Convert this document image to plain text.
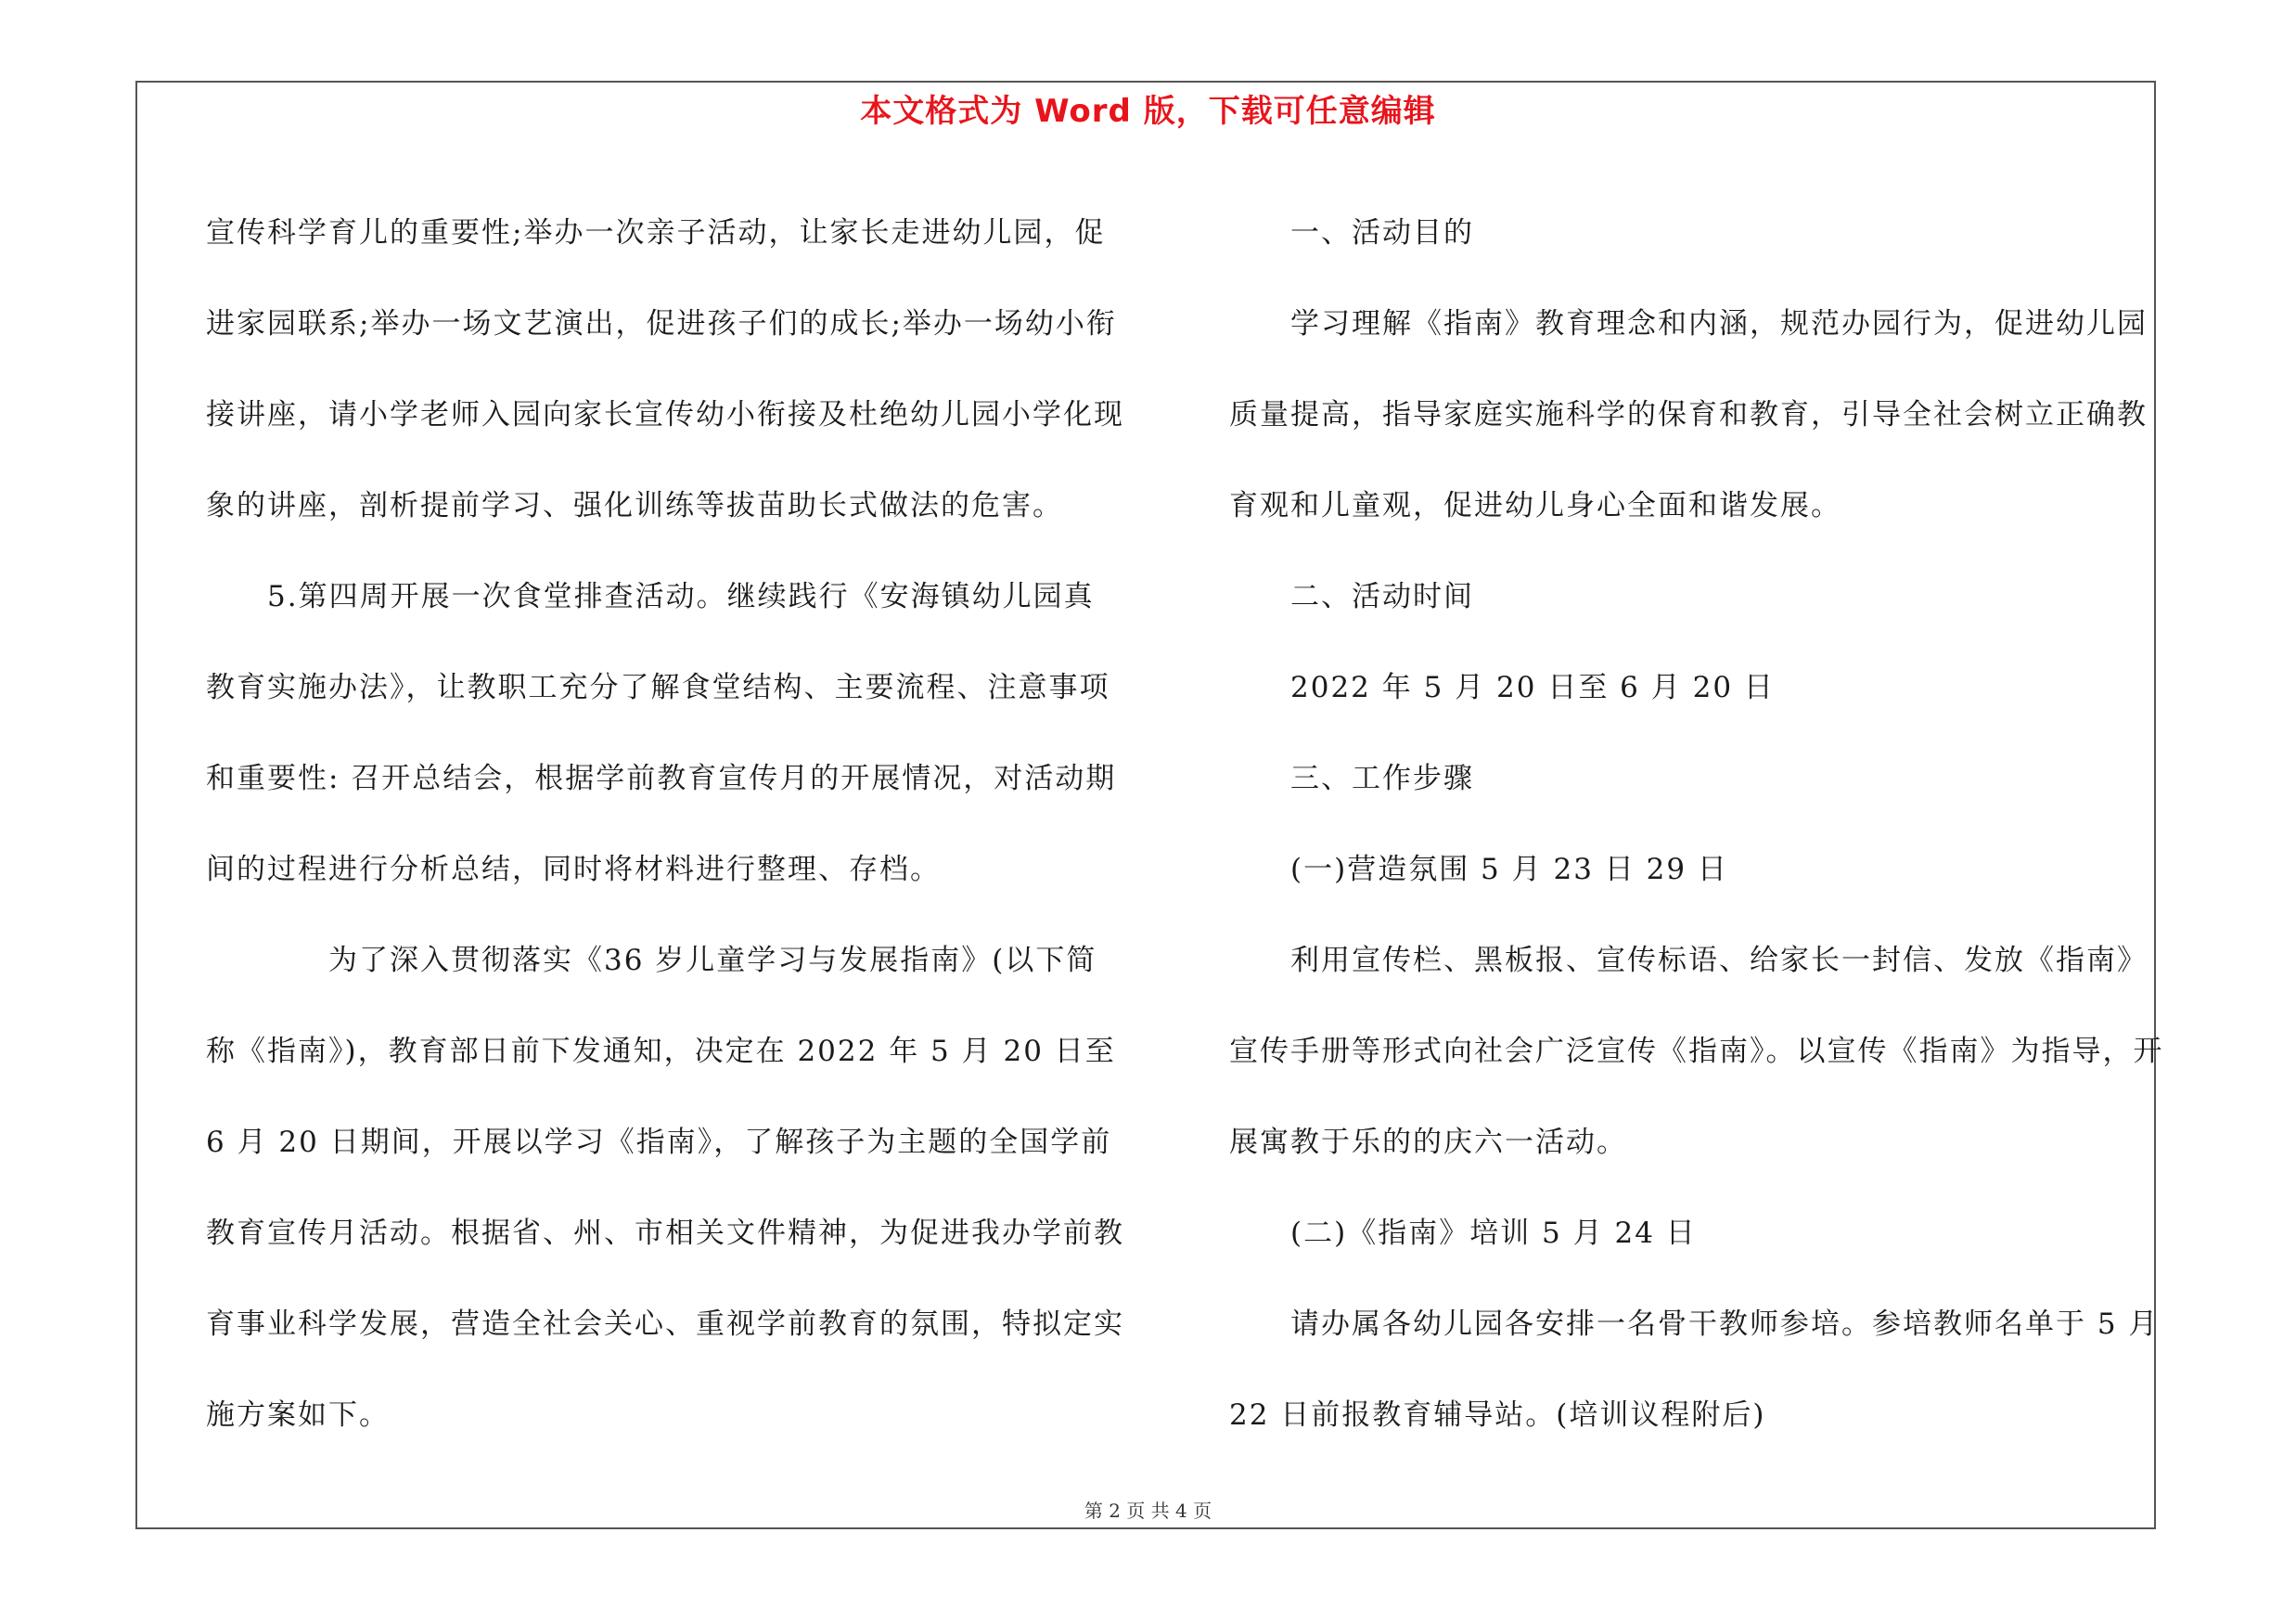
本文格式为 Word 版，下载可任意编辑

宣传科学育儿的重要性;举办一次亲子活动，让家长走进幼儿园，促进家园联系;举办一场文艺演出，促进孩子们的成长;举办一场幼小衔接讲座，请小学老师入园向家长宣传幼小衔接及杜绝幼儿园小学化现象的讲座，剖析提前学习、强化训练等拔苗助长式做法的危害。

5.第四周开展一次食堂排查活动。继续践行《安海镇幼儿园真教育实施办法》，让教职工充分了解食堂结构、主要流程、注意事项和重要性: 召开总结会，根据学前教育宣传月的开展情况，对活动期间的过程进行分析总结，同时将材料进行整理、存档。

为了深入贯彻落实《36 岁儿童学习与发展指南》(以下简称《指南》)，教育部日前下发通知，决定在 2022 年 5 月 20 日至 6 月 20 日期间，开展以学习《指南》，了解孩子为主题的全国学前教育宣传月活动。根据省、州、市相关文件精神，为促进我办学前教育事业科学发展，营造全社会关心、重视学前教育的氛围，特拟定实施方案如下。

一、活动目的

学习理解《指南》教育理念和内涵，规范办园行为，促进幼儿园质量提高，指导家庭实施科学的保育和教育，引导全社会树立正确教育观和儿童观，促进幼儿身心全面和谐发展。

二、活动时间

2022 年 5 月 20 日至 6 月 20 日

三、工作步骤

(一)营造氛围 5 月 23 日 29 日

利用宣传栏、黑板报、宣传标语、给家长一封信、发放《指南》宣传手册等形式向社会广泛宣传《指南》。以宣传《指南》为指导，开展寓教于乐的的庆六一活动。

(二)《指南》培训 5 月 24 日

请办属各幼儿园各安排一名骨干教师参培。参培教师名单于 5 月 22 日前报教育辅导站。(培训议程附后)

第 2 页 共 4 页
